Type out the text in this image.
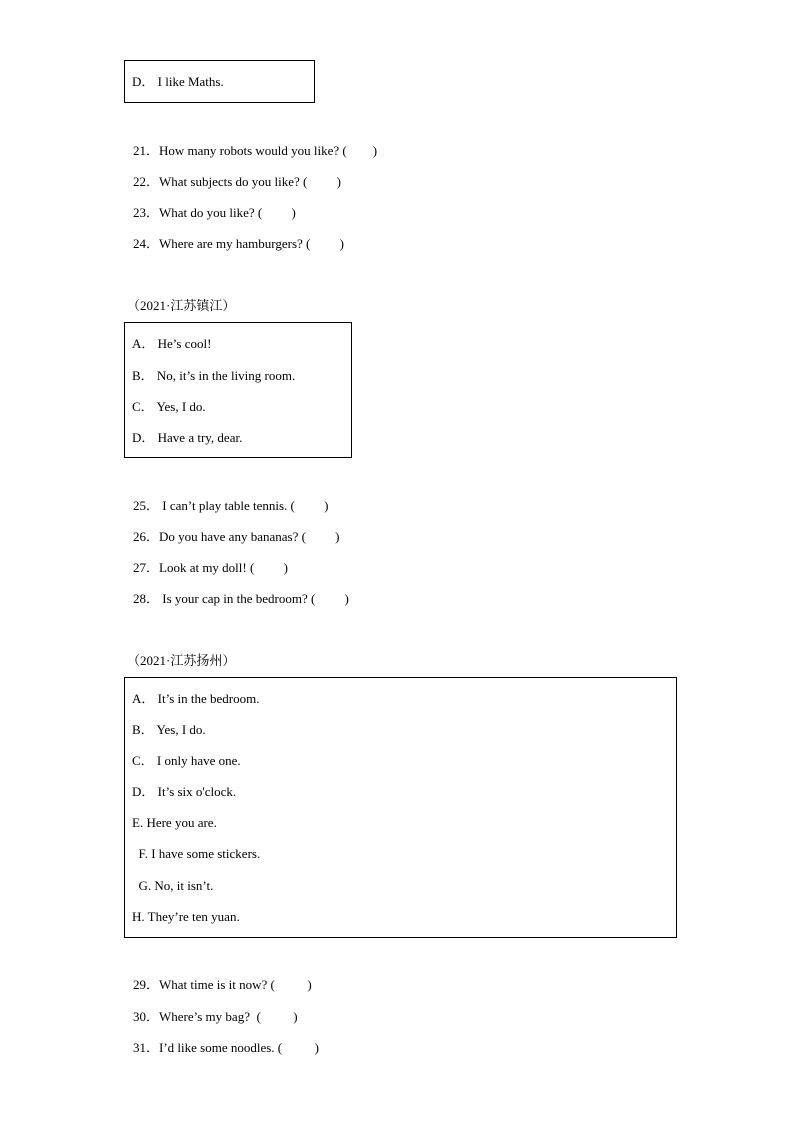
D． I like Maths.
21．How many robots would you like? (        )
22．What subjects do you like? (         )
23．What do you like? (         )
24．Where are my hamburgers? (         )
（2021·江苏镇江）
A． He’s cool!
B． No, it’s in the living room.
C． Yes, I do.
D． Have a try, dear.
25． I can’t play table tennis. (         )
26．Do you have any bananas? (         )
27．Look at my doll! (         )
28． Is your cap in the bedroom? (         )
（2021·江苏扬州）
A． It’s in the bedroom.
B． Yes, I do.
C． I only have one.
D． It’s six o'clock.
E. Here you are.
F. I have some stickers.
G. No, it isn’t.
H. They’re ten yuan.
29．What time is it now? (          )
30．Where’s my bag?  (          )
31．I’d like some noodles. (          )
